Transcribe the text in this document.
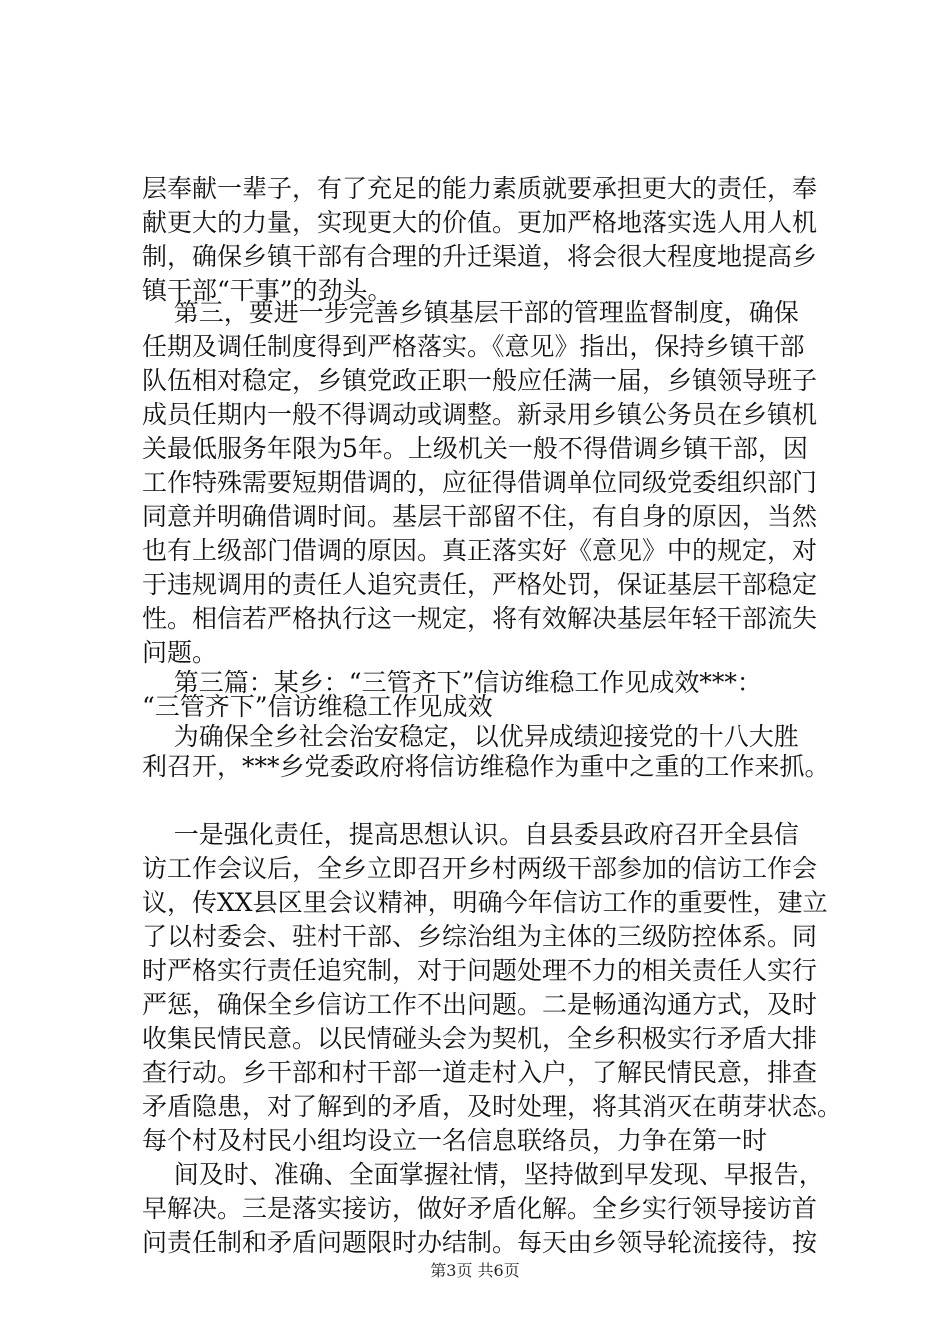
层奉献一辈子，有了充足的能力素质就要承担更大的责任，奉
献更大的力量，实现更大的价值。更加严格地落实选人用人机
制，确保乡镇干部有合理的升迁渠道，将会很大程度地提高乡
镇干部“干事”的劲头。
第三，要进一步完善乡镇基层干部的管理监督制度，确保
任期及调任制度得到严格落实。《意见》指出，保持乡镇干部
队伍相对稳定，乡镇党政正职一般应任满一届，乡镇领导班子
成员任期内一般不得调动或调整。新录用乡镇公务员在乡镇机
关最低服务年限为5年。上级机关一般不得借调乡镇干部，因
工作特殊需要短期借调的，应征得借调单位同级党委组织部门
同意并明确借调时间。基层干部留不住，有自身的原因，当然
也有上级部门借调的原因。真正落实好《意见》中的规定，对
于违规调用的责任人追究责任，严格处罚，保证基层干部稳定
性。相信若严格执行这一规定，将有效解决基层年轻干部流失
问题。
第三篇：某乡：“三管齐下”信访维稳工作见成效***：
“三管齐下”信访维稳工作见成效
为确保全乡社会治安稳定，以优异成绩迎接党的十八大胜
利召开，***乡党委政府将信访维稳作为重中之重的工作来抓。
一是强化责任，提高思想认识。自县委县政府召开全县信
访工作会议后，全乡立即召开乡村两级干部参加的信访工作会
议，传XX县区里会议精神，明确今年信访工作的重要性，建立
了以村委会、驻村干部、乡综治组为主体的三级防控体系。同
时严格实行责任追究制，对于问题处理不力的相关责任人实行
严惩，确保全乡信访工作不出问题。二是畅通沟通方式，及时
收集民情民意。以民情碰头会为契机，全乡积极实行矛盾大排
查行动。乡干部和村干部一道走村入户，了解民情民意，排查
矛盾隐患，对了解到的矛盾，及时处理，将其消灭在萌芽状态。
每个村及村民小组均设立一名信息联络员，力争在第一时
间及时、准确、全面掌握社情，坚持做到早发现、早报告，
早解决。三是落实接访，做好矛盾化解。全乡实行领导接访首
问责任制和矛盾问题限时办结制。每天由乡领导轮流接待，按
第3页 共6页
